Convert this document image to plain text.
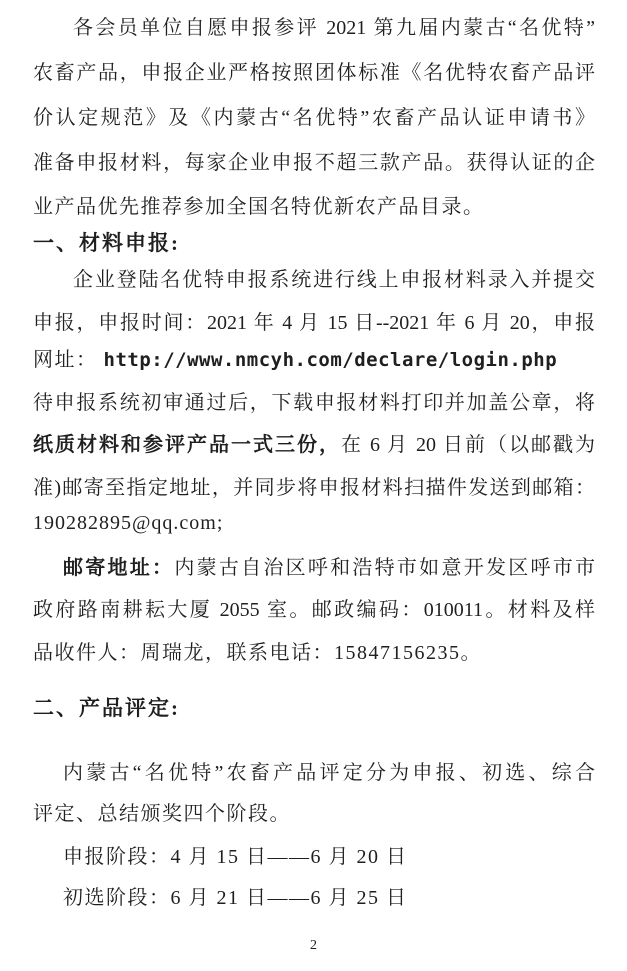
各会员单位自愿申报参评 2021 第九届内蒙古“名优特”
农畜产品，申报企业严格按照团体标准《名优特农畜产品评
价认定规范》及《内蒙古“名优特”农畜产品认证申请书》
准备申报材料，每家企业申报不超三款产品。获得认证的企
业产品优先推荐参加全国名特优新农产品目录。
一、材料申报:
企业登陆名优特申报系统进行线上申报材料录入并提交
申报，申报时间：2021 年 4 月 15 日--2021 年 6 月 20，申报
网址： http://www.nmcyh.com/declare/login.php
待申报系统初审通过后，下载申报材料打印并加盖公章，将
纸质材料和参评产品一式三份，在 6 月 20 日前（以邮戳为
准)邮寄至指定地址，并同步将申报材料扫描件发送到邮箱：
190282895@qq.com;
邮寄地址：内蒙古自治区呼和浩特市如意开发区呼市市
政府路南耕耘大厦 2055 室。邮政编码：010011。材料及样
品收件人：周瑞龙，联系电话：15847156235。
二、产品评定:
内蒙古“名优特”农畜产品评定分为申报、初选、综合
评定、总结颁奖四个阶段。
申报阶段：4 月 15 日——6 月 20 日
初选阶段：6 月 21 日——6 月 25 日
2
